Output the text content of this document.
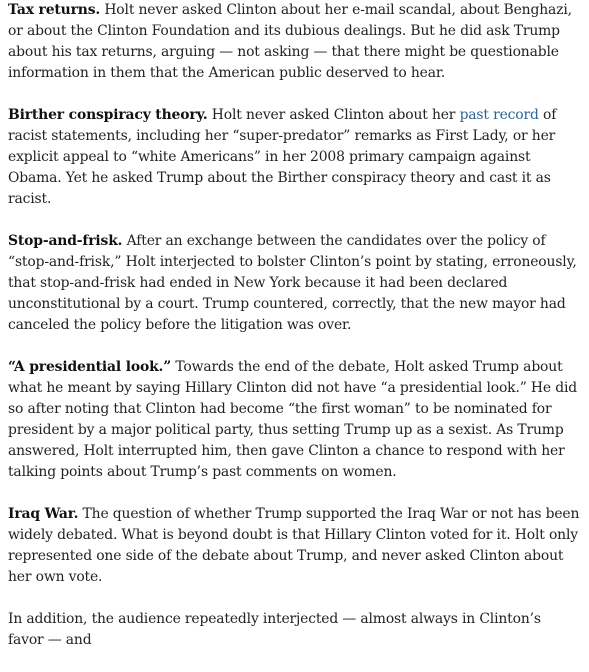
Tax returns. Holt never asked Clinton about her e-mail scandal, about Benghazi, or about the Clinton Foundation and its dubious dealings. But he did ask Trump about his tax returns, arguing — not asking — that there might be questionable information in them that the American public deserved to hear.

Birther conspiracy theory. Holt never asked Clinton about her past record of racist statements, including her “super-predator” remarks as First Lady, or her explicit appeal to “white Americans” in her 2008 primary campaign against Obama. Yet he asked Trump about the Birther conspiracy theory and cast it as racist.

Stop-and-frisk. After an exchange between the candidates over the policy of “stop-and-frisk,” Holt interjected to bolster Clinton’s point by stating, erroneously, that stop-and-frisk had ended in New York because it had been declared unconstitutional by a court. Trump countered, correctly, that the new mayor had canceled the policy before the litigation was over.

“A presidential look.” Towards the end of the debate, Holt asked Trump about what he meant by saying Hillary Clinton did not have “a presidential look.” He did so after noting that Clinton had become “the first woman” to be nominated for president by a major political party, thus setting Trump up as a sexist. As Trump answered, Holt interrupted him, then gave Clinton a chance to respond with her talking points about Trump’s past comments on women.

Iraq War. The question of whether Trump supported the Iraq War or not has been widely debated. What is beyond doubt is that Hillary Clinton voted for it. Holt only represented one side of the debate about Trump, and never asked Clinton about her own vote.

In addition, the audience repeatedly interjected — almost always in Clinton’s favor — and
